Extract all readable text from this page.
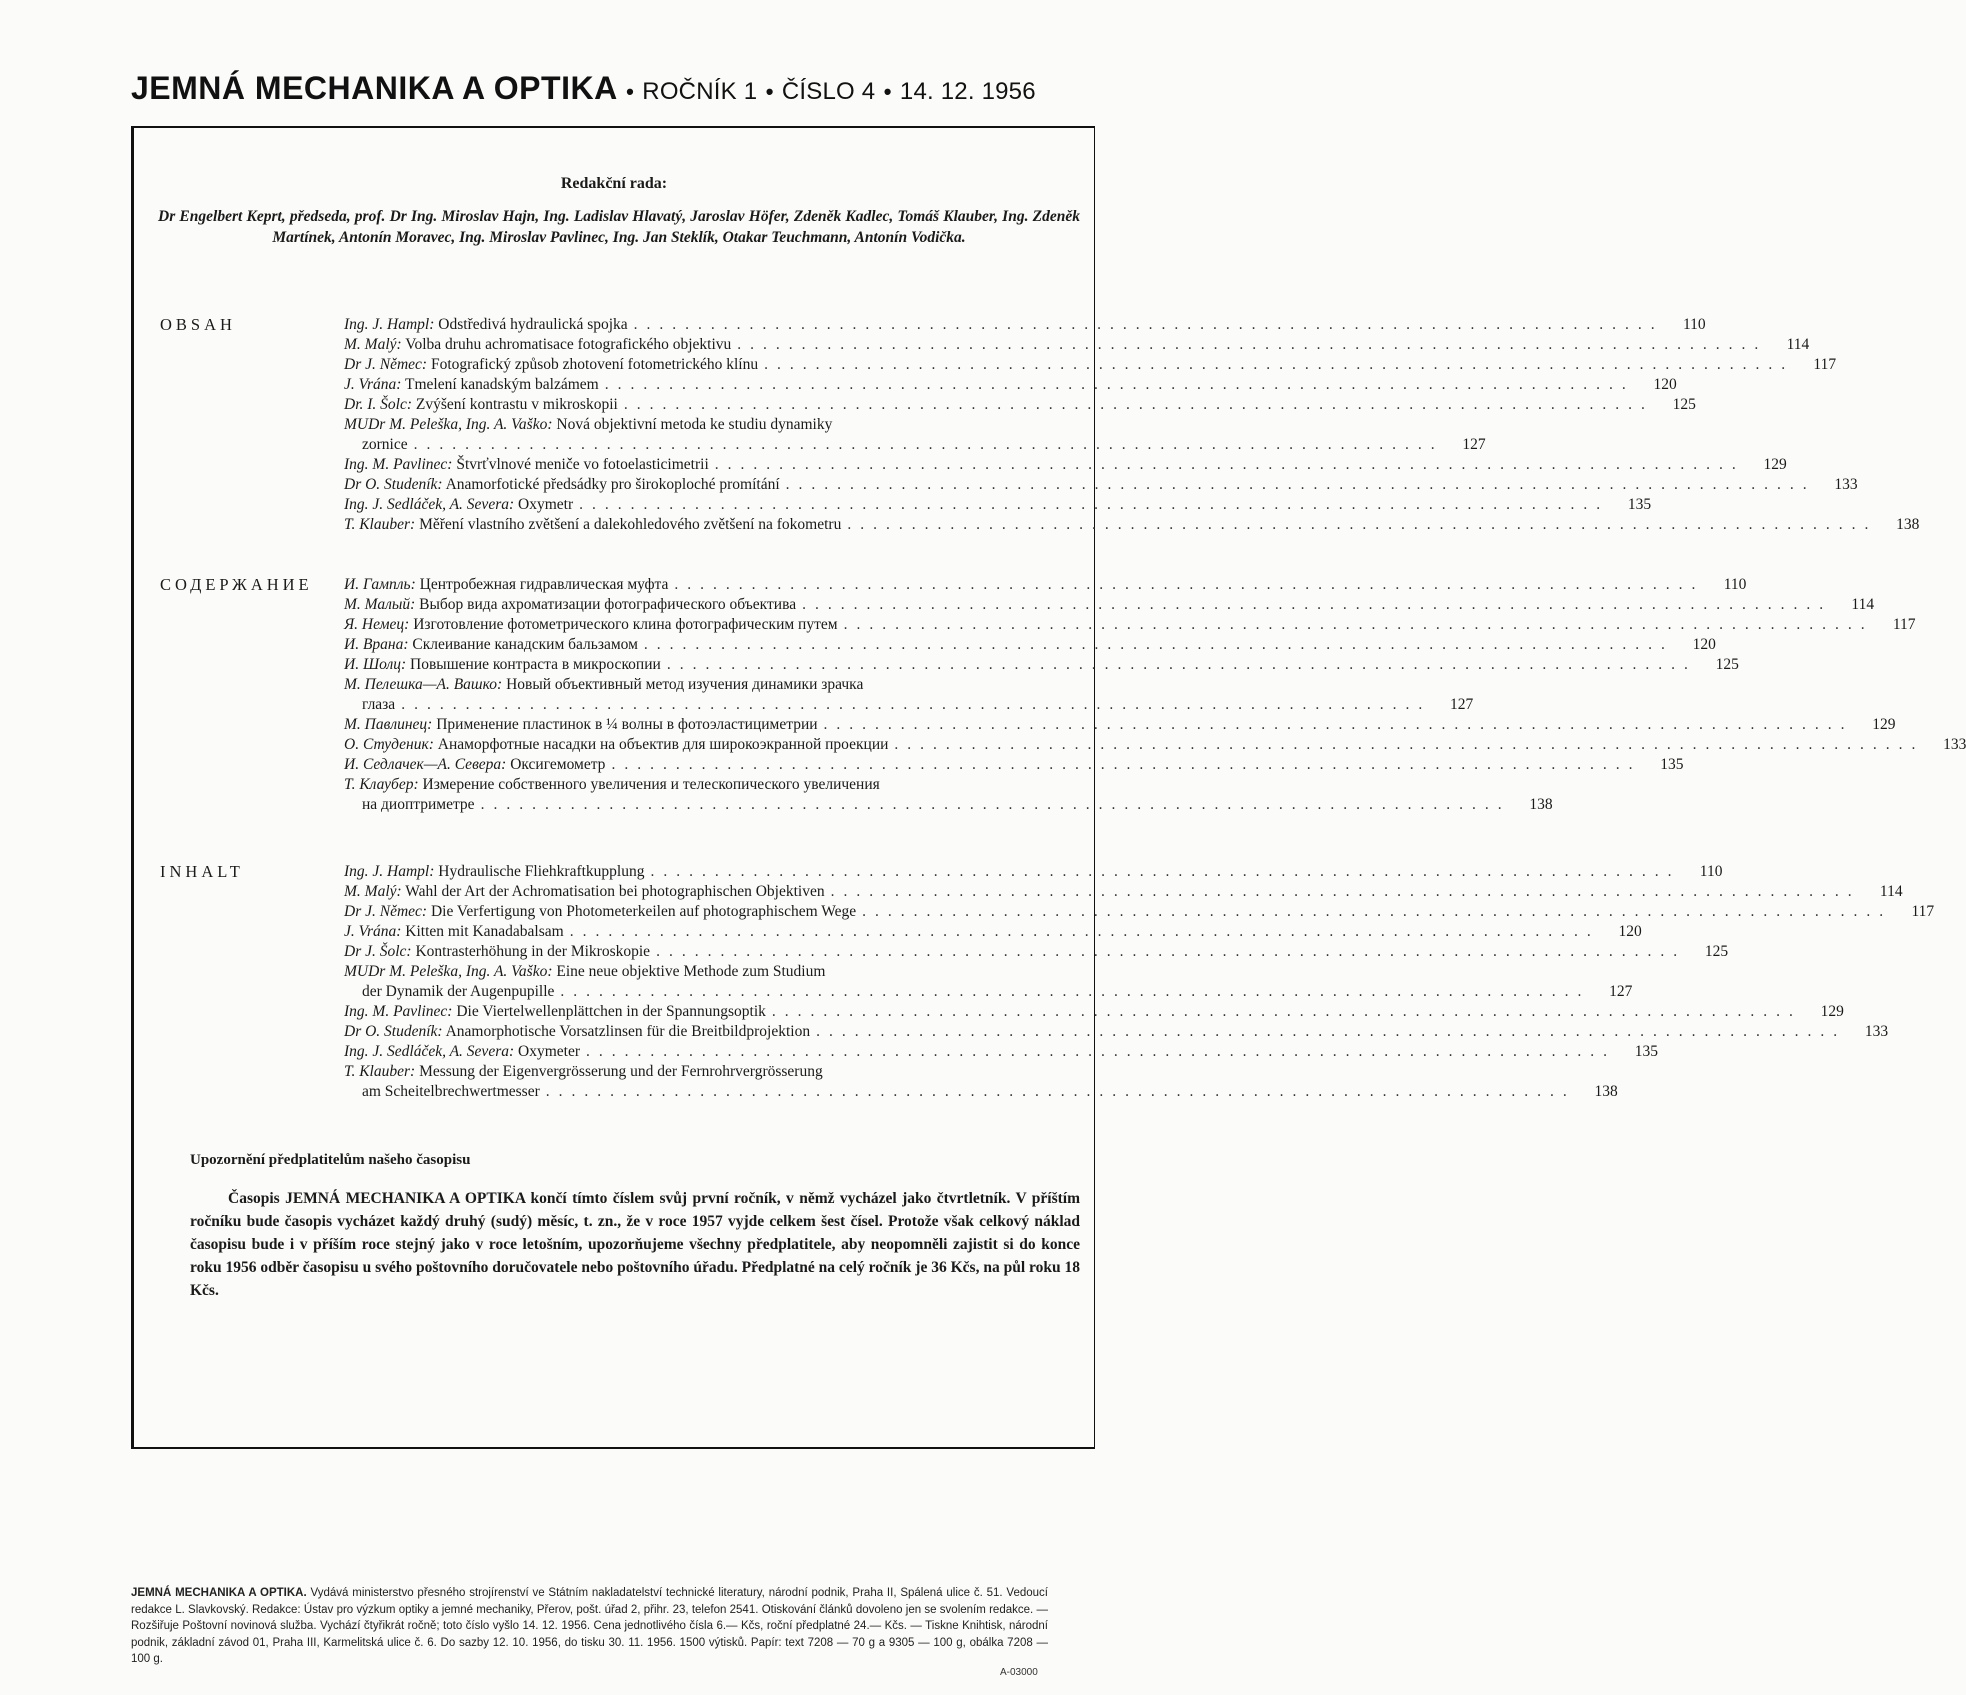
JEMNÁ MECHANIKA A OPTIKA • ROČNÍK 1 • ČÍSLO 4 • 14. 12. 1956
Redakční rada:
Dr Engelbert Keprt, předseda, prof. Dr Ing. Miroslav Hajn, Ing. Ladislav Hlavatý, Jaroslav Höfer, Zdeněk Kadlec, Tomáš Klauber, Ing. Zdeněk Martínek, Antonín Moravec, Ing. Miroslav Pavlinec, Ing. Jan Steklík, Otakar Teuchmann, Antonín Vodička.
OBSAH	Ing. J. Hampl: Odstředivá hydraulická spojka ................................................................................	110
M. Malý: Volba druhu achromatisace fotografického objektivu ................................................................................	114
Dr J. Němec: Fotografický způsob zhotovení fotometrického klínu ................................................................................	117
J. Vrána: Tmelení kanadským balzámem ................................................................................	120
Dr. I. Šolc: Zvýšení kontrastu v mikroskopii ................................................................................	125
MUDr M. Peleška, Ing. A. Vaško: Nová objektivní metoda ke studiu dynamiky
zornice ................................................................................	127
Ing. M. Pavlinec: Štvrťvlnové meniče vo fotoelasticimetrii ................................................................................	129
Dr O. Studeník: Anamorfotické předsádky pro širokoploché promítání ................................................................................	133
Ing. J. Sedláček, A. Severa: Oxymetr ................................................................................	135
T. Klauber: Měření vlastního zvětšení a dalekohledového zvětšení na fokometru ................................................................................	138
СОДЕРЖАНИЕ И. Гампль: Центробежная гидравлическая муфта ................................................................................	110
М. Малый: Выбор вида ахроматизации фотографического объектива ................................................................................	114
Я. Немец: Изготовление фотометрического клина фотографическим путем ................................................................................	117
И. Врана: Склеивание канадским бальзамом ................................................................................	120
И. Шолц: Повышение контраста в микроскопии ................................................................................	125
М. Пелешка—А. Вашко: Новый объективный метод изучения динамики зрачка
глаза ................................................................................	127
М. Павлинец: Применение пластинок в ¼ волны в фотоэластициметрии ................................................................................	129
О. Студеник: Анаморфотные насадки на объектив для широкоэкранной проекции ................................................................................	133
И. Седлачек—А. Севера: Оксигемометр ................................................................................	135
Т. Клаубер: Измерение собственного увеличения и телескопического увеличения
на диоптриметре ................................................................................	138
INHALT	Ing. J. Hampl: Hydraulische Fliehkraftkupplung ................................................................................	110
M. Malý: Wahl der Art der Achromatisation bei photographischen Objektiven ................................................................................	114
Dr J. Němec: Die Verfertigung von Photometerkeilen auf photographischem Wege ................................................................................	117
J. Vrána: Kitten mit Kanadabalsam ................................................................................	120
Dr J. Šolc: Kontrasterhöhung in der Mikroskopie ................................................................................	125
MUDr M. Peleška, Ing. A. Vaško: Eine neue objektive Methode zum Studium
der Dynamik der Augenpupille ................................................................................	127
Ing. M. Pavlinec: Die Viertelwellenplättchen in der Spannungsoptik ................................................................................	129
Dr O. Studeník: Anamorphotische Vorsatzlinsen für die Breitbildprojektion ................................................................................	133
Ing. J. Sedláček, A. Severa: Oxymeter ................................................................................	135
T. Klauber: Messung der Eigenvergrösserung und der Fernrohrvergrösserung
am Scheitelbrechwertmesser ................................................................................	138
Upozornění předplatitelům našeho časopisu
Časopis JEMNÁ MECHANIKA A OPTIKA končí tímto číslem svůj první ročník, v němž vycházel jako čtvrtletník. V příštím ročníku bude časopis vycházet každý druhý (sudý) měsíc, t. zn., že v roce 1957 vyjde celkem šest čísel. Protože však celkový náklad časopisu bude i v příším roce stejný jako v roce letošním, upozorňujeme všechny předplatitele, aby neopomněli zajistit si do konce roku 1956 odběr časopisu u svého poštovního doručovatele nebo poštovního úřadu. Předplatné na celý ročník je 36 Kčs, na půl roku 18 Kčs.
JEMNÁ MECHANIKA A OPTIKA. Vydává ministerstvo přesného strojírenství ve Státním nakladatelství technické literatury, národní podnik, Praha II, Spálená ulice č. 51. Vedoucí redakce L. Slavkovský. Redakce: Ústav pro výzkum optiky a jemné mechaniky, Přerov, pošt. úřad 2, přihr. 23, telefon 2541. Otiskování článků dovoleno jen se svolením redakce. — Rozšiřuje Poštovní novinová služba. Vychází čtyřikrát ročně; toto číslo vyšlo 14. 12. 1956. Cena jednotlivého čísla 6.— Kčs, roční předplatné 24.— Kčs. — Tiskne Knihtisk, národní podnik, základní závod 01, Praha III, Karmelitská ulice č. 6. Do sazby 12. 10. 1956, do tisku 30. 11. 1956. 1500 výtisků. Papír: text 7208 — 70 g a 9305 — 100 g, obálka 7208 — 100 g.
A-03000
